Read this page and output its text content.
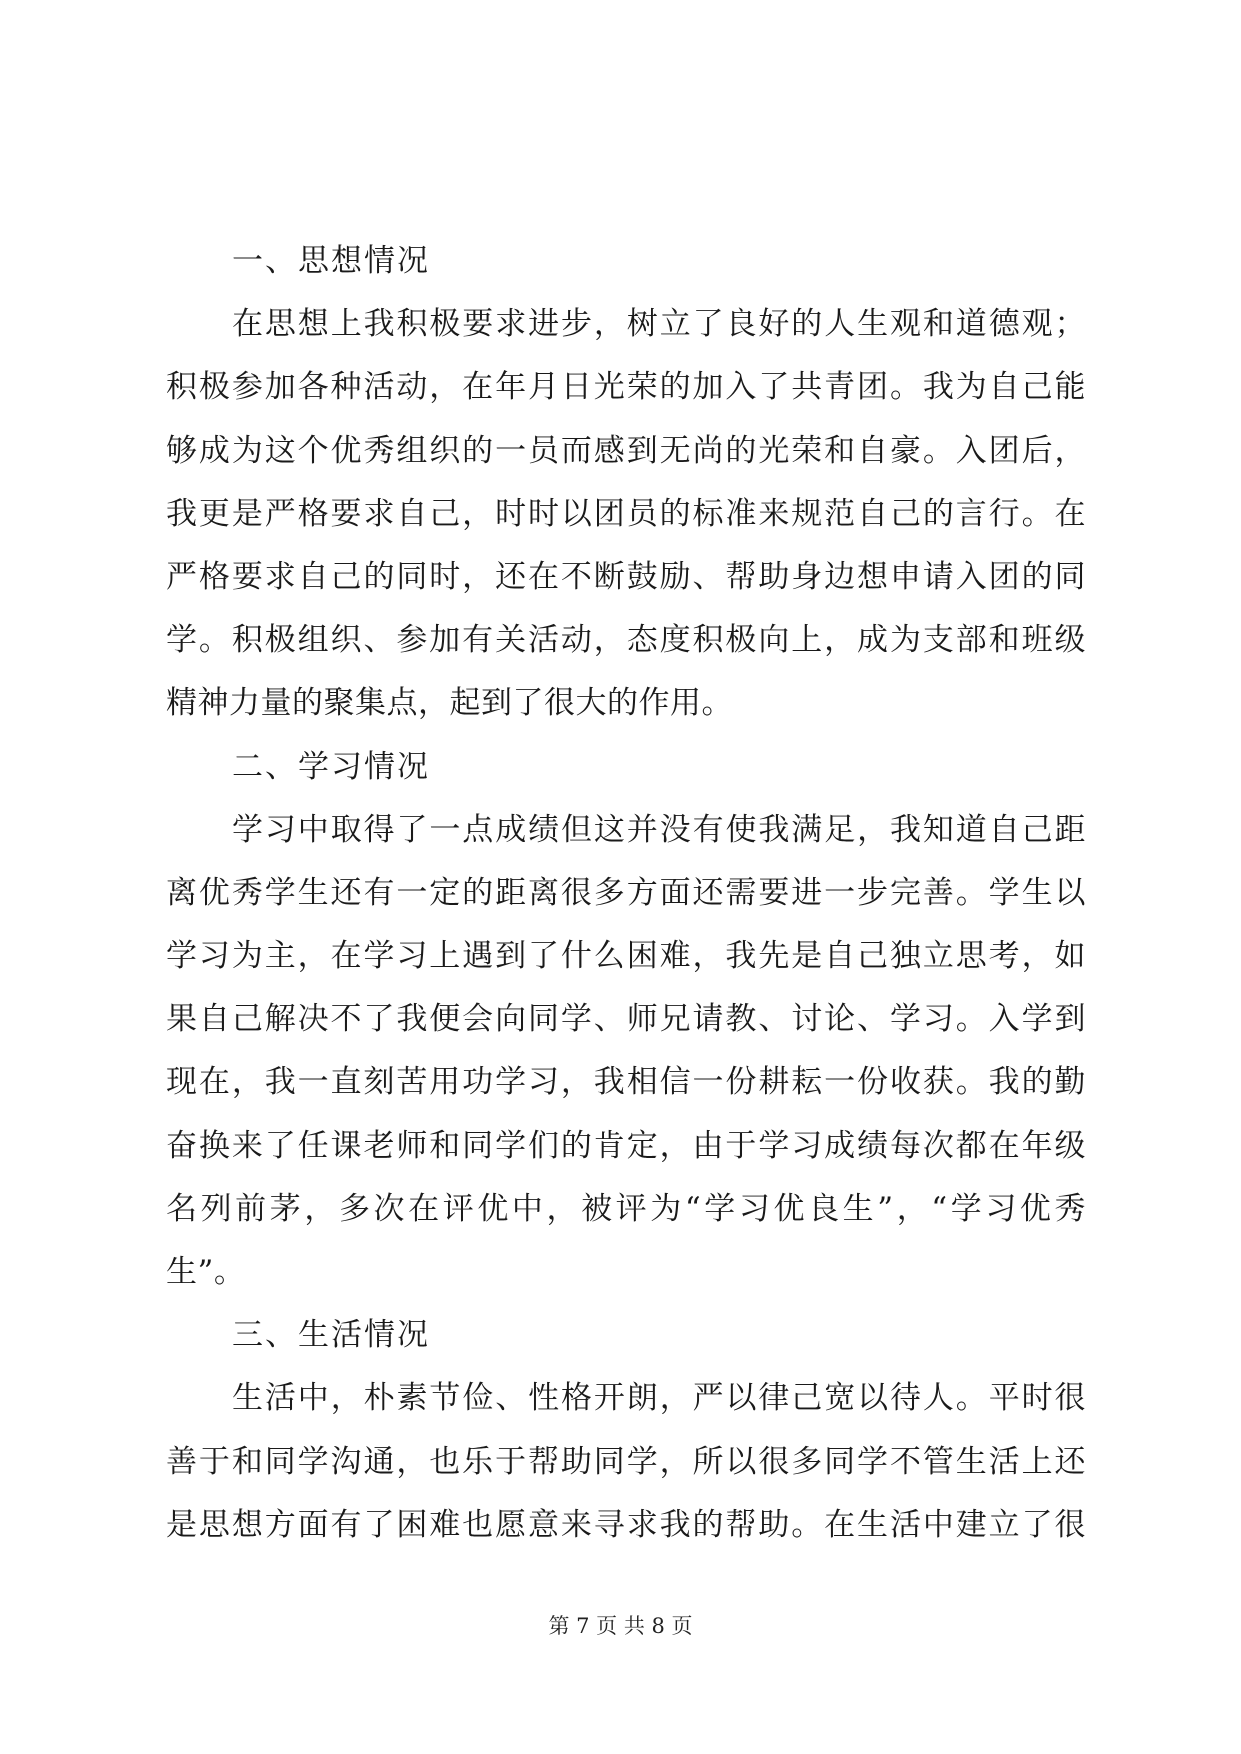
一、思想情况
在思想上我积极要求进步，树立了良好的人生观和道德观；
积极参加各种活动，在年月日光荣的加入了共青团。我为自己能
够成为这个优秀组织的一员而感到无尚的光荣和自豪。入团后，
我更是严格要求自己，时时以团员的标准来规范自己的言行。在
严格要求自己的同时，还在不断鼓励、帮助身边想申请入团的同
学。积极组织、参加有关活动，态度积极向上，成为支部和班级
精神力量的聚集点，起到了很大的作用。
二、学习情况
学习中取得了一点成绩但这并没有使我满足，我知道自己距
离优秀学生还有一定的距离很多方面还需要进一步完善。学生以
学习为主，在学习上遇到了什么困难，我先是自己独立思考，如
果自己解决不了我便会向同学、师兄请教、讨论、学习。入学到
现在，我一直刻苦用功学习，我相信一份耕耘一份收获。我的勤
奋换来了任课老师和同学们的肯定，由于学习成绩每次都在年级
名列前茅，多次在评优中，被评为“学习优良生”，“学习优秀
生”。
三、生活情况
生活中，朴素节俭、性格开朗，严以律己宽以待人。平时很
善于和同学沟通，也乐于帮助同学，所以很多同学不管生活上还
是思想方面有了困难也愿意来寻求我的帮助。在生活中建立了很
第 7 页 共 8 页
